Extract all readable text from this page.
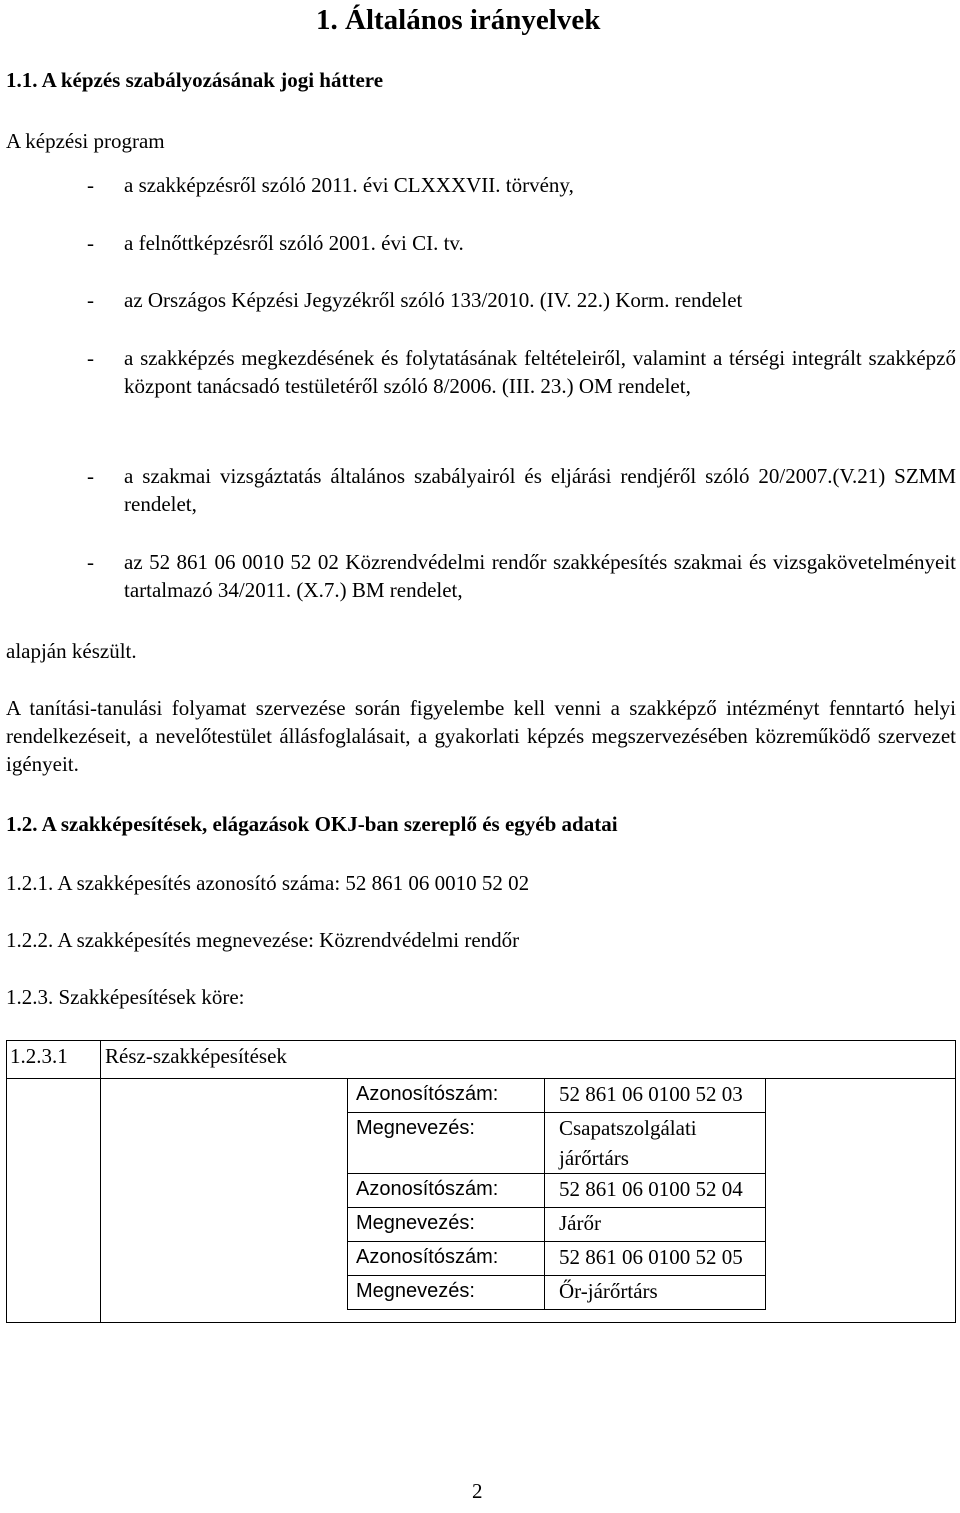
1. Általános irányelvek
1.1. A képzés szabályozásának jogi háttere
A képzési program
- a szakképzésről szóló 2011. évi CLXXXVII. törvény,
- a felnőttképzésről szóló 2001. évi CI. tv.
- az Országos Képzési Jegyzékről szóló 133/2010. (IV. 22.) Korm. rendelet
- a szakképzés megkezdésének és folytatásának feltételeiről, valamint a térségi integrált szakképző központ tanácsadó testületéről szóló 8/2006. (III. 23.) OM rendelet,
- a szakmai vizsgáztatás általános szabályairól és eljárási rendjéről szóló 20/2007.(V.21) SZMM rendelet,
- az 52 861 06 0010 52 02 Közrendvédelmi rendőr szakképesítés szakmai és vizsgakövetelményeit tartalmazó 34/2011. (X.7.) BM rendelet,
alapján készült.
A tanítási-tanulási folyamat szervezése során figyelembe kell venni a szakképző intézményt fenntartó helyi rendelkezéseit, a nevelőtestület állásfoglalásait, a gyakorlati képzés megszervezésében közreműködő szervezet igényeit.
1.2. A szakképesítések, elágazások OKJ-ban szereplő és egyéb adatai
1.2.1. A szakképesítés azonosító száma: 52 861 06 0010 52 02
1.2.2. A szakképesítés megnevezése: Közrendvédelmi rendőr
1.2.3. Szakképesítések köre:
1.2.3.1	Rész-szakképesítések

Azonosítószám:	52 861 06 0100 52 03
Megnevezés:	Csapatszolgálati járőrtárs
Azonosítószám:	52 861 06 0100 52 04
Megnevezés:	Járőr
Azonosítószám:	52 861 06 0100 52 05
Megnevezés:	Őr-járőrtárs
2
